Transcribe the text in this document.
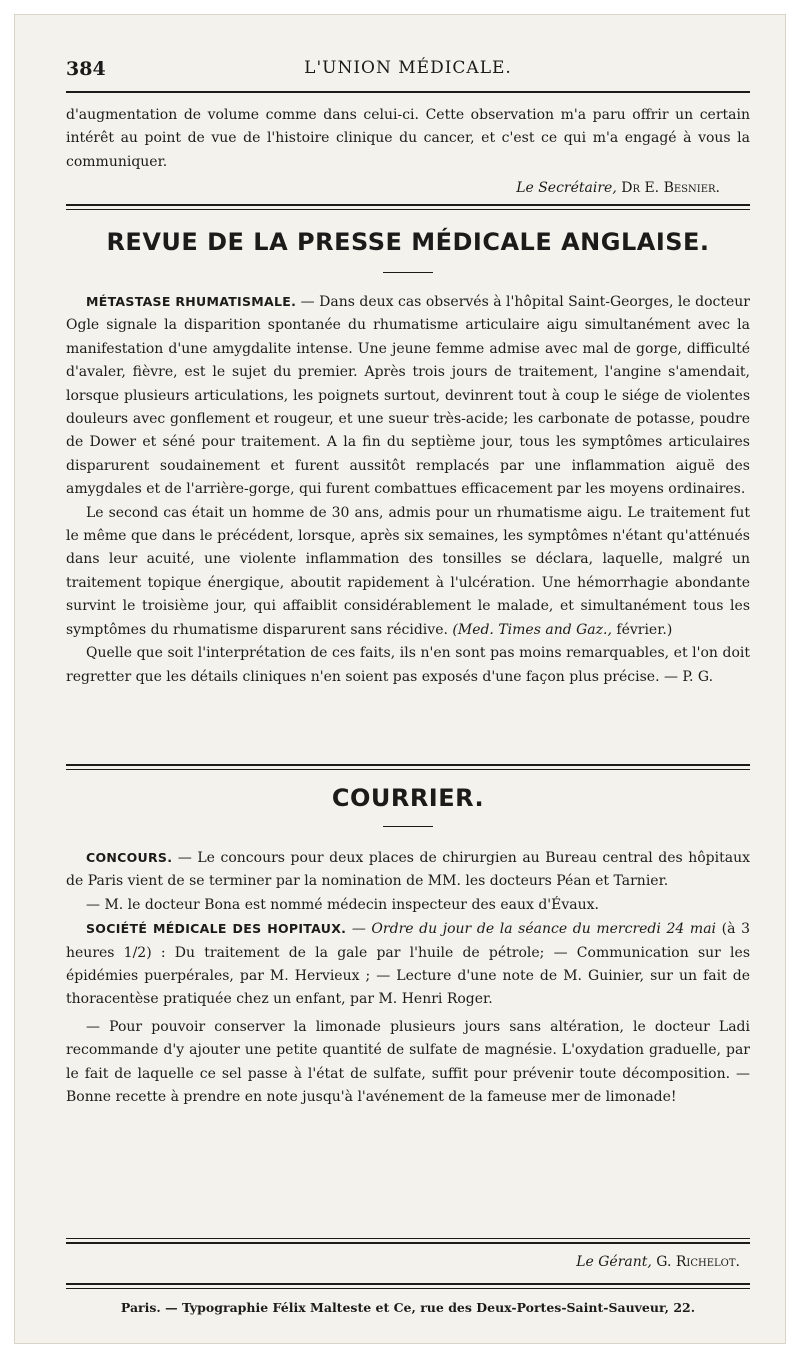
384	L'UNION MÉDICALE.

d'augmentation de volume comme dans celui-ci. Cette observation m'a paru offrir un certain intérêt au point de vue de l'histoire clinique du cancer, et c'est ce qui m'a engagé à vous la communiquer.

Le Secrétaire, Dr E. Besnier.
REVUE DE LA PRESSE MÉDICALE ANGLAISE.

MÉTASTASE RHUMATISMALE. — Dans deux cas observés à l'hôpital Saint-Georges, le docteur Ogle signale la disparition spontanée du rhumatisme articulaire aigu simultanément avec la manifestation d'une amygdalite intense. Une jeune femme admise avec mal de gorge, difficulté d'avaler, fièvre, est le sujet du premier. Après trois jours de traitement, l'angine s'amendait, lorsque plusieurs articulations, les poignets surtout, devinrent tout à coup le siége de violentes douleurs avec gonflement et rougeur, et une sueur très-acide; les carbonate de potasse, poudre de Dower et séné pour traitement. A la fin du septième jour, tous les symptômes articulaires disparurent soudainement et furent aussitôt remplacés par une inflammation aiguë des amygdales et de l'arrière-gorge, qui furent combattues efficacement par les moyens ordinaires.

Le second cas était un homme de 30 ans, admis pour un rhumatisme aigu. Le traitement fut le même que dans le précédent, lorsque, après six semaines, les symptômes n'étant qu'atténués dans leur acuité, une violente inflammation des tonsilles se déclara, laquelle, malgré un traitement topique énergique, aboutit rapidement à l'ulcération. Une hémorrhagie abondante survint le troisième jour, qui affaiblit considérablement le malade, et simultanément tous les symptômes du rhumatisme disparurent sans récidive. (Med. Times and Gaz., février.)

Quelle que soit l'interprétation de ces faits, ils n'en sont pas moins remarquables, et l'on doit regretter que les détails cliniques n'en soient pas exposés d'une façon plus précise. — P. G.

COURRIER.

CONCOURS. — Le concours pour deux places de chirurgien au Bureau central des hôpitaux de Paris vient de se terminer par la nomination de MM. les docteurs Péan et Tarnier.

— M. le docteur Bona est nommé médecin inspecteur des eaux d'Évaux.

SOCIÉTÉ MÉDICALE DES HOPITAUX. — Ordre du jour de la séance du mercredi 24 mai (à 3 heures 1/2) : Du traitement de la gale par l'huile de pétrole; — Communication sur les épidémies puerpérales, par M. Hervieux ; — Lecture d'une note de M. Guinier, sur un fait de thoracentèse pratiquée chez un enfant, par M. Henri Roger.

— Pour pouvoir conserver la limonade plusieurs jours sans altération, le docteur Ladi recommande d'y ajouter une petite quantité de sulfate de magnésie. L'oxydation graduelle, par le fait de laquelle ce sel passe à l'état de sulfate, suffit pour prévenir toute décomposition. — Bonne recette à prendre en note jusqu'à l'avénement de la fameuse mer de limonade!

Le Gérant, G. Richelot.
Paris. — Typographie Félix Malteste et Ce, rue des Deux-Portes-Saint-Sauveur, 22.
